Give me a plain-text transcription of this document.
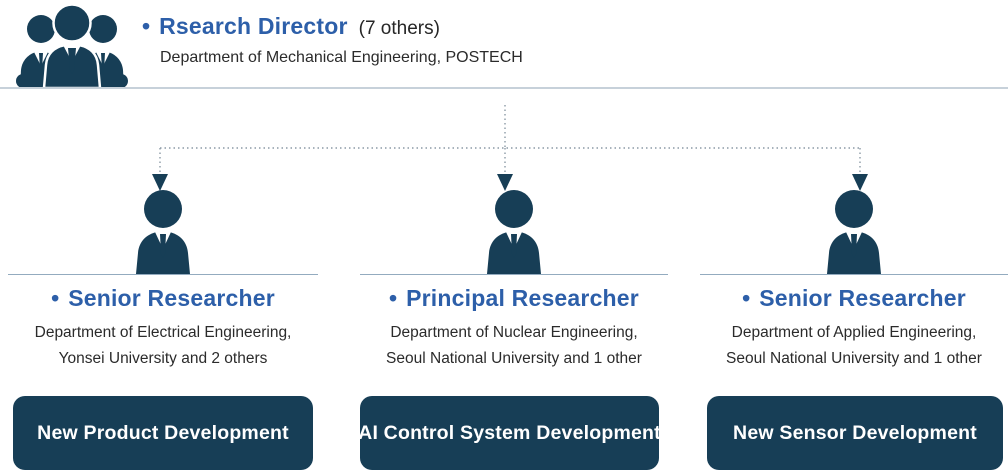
• Rsearch Director (7 others)
Department of Mechanical Engineering, POSTECH
• Senior Researcher
Department of Electrical Engineering,
Yonsei University and 2 others
• Principal Researcher
Department of Nuclear Engineering,
Seoul National University and 1 other
• Senior Researcher
Department of Applied Engineering,
Seoul National University and 1 other
New Product Development	AI Control System Development	New Sensor Development
